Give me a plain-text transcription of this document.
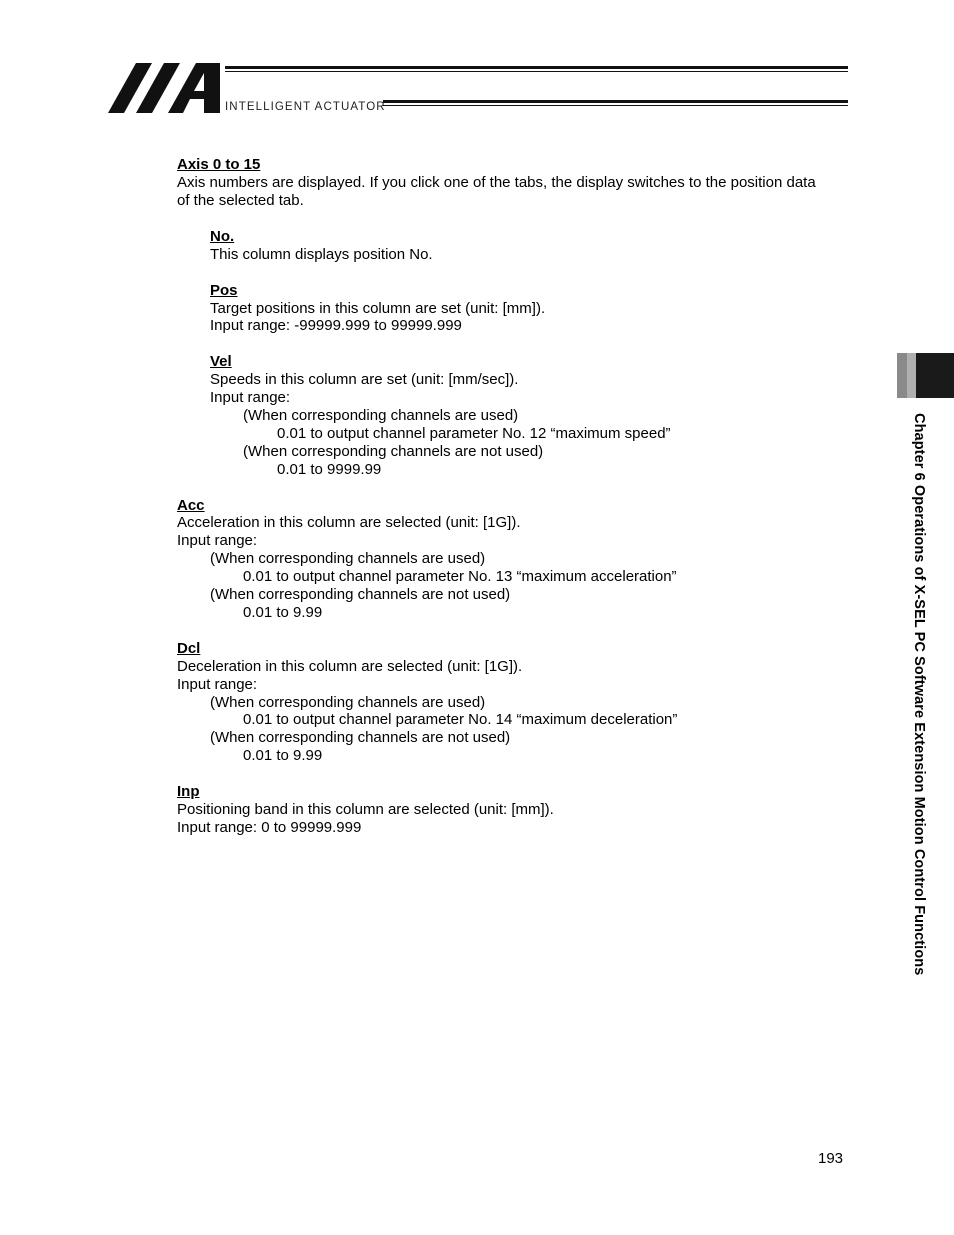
INTELLIGENT ACTUATOR
Axis 0 to 15
Axis numbers are displayed. If you click one of the tabs, the display switches to the position data
of the selected tab.
No.
This column displays position No.
Pos
Target positions in this column are set (unit: [mm]).
Input range: -99999.999 to 99999.999
Vel
Speeds in this column are set (unit: [mm/sec]).
Input range:
(When corresponding channels are used)
0.01 to output channel parameter No. 12 “maximum speed”
(When corresponding channels are not used)
0.01 to 9999.99
Acc
Acceleration in this column are selected (unit: [1G]).
Input range:
(When corresponding channels are used)
0.01 to output channel parameter No. 13 “maximum acceleration”
(When corresponding channels are not used)
0.01 to 9.99
Dcl
Deceleration in this column are selected (unit: [1G]).
Input range:
(When corresponding channels are used)
0.01 to output channel parameter No. 14 “maximum deceleration”
(When corresponding channels are not used)
0.01 to 9.99
Inp
Positioning band in this column are selected (unit: [mm]).
Input range: 0 to 99999.999	Chapter 6 Operations of X-SEL PC Software Extension Motion Control Functions
193
